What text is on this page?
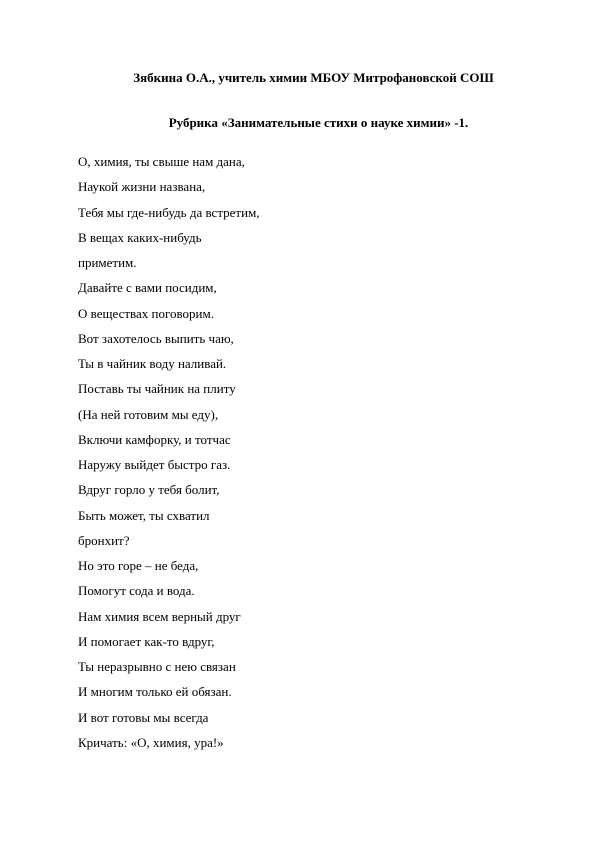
Зябкина О.А., учитель химии МБОУ Митрофановской СОШ
Рубрика «Занимательные стихи о науке химии» -1.
О, химия, ты свыше нам дана,
Наукой жизни названа,
Тебя мы где-нибудь да встретим,
В вещах каких-нибудь
приметим.
Давайте с вами посидим,
О веществах поговорим.
Вот захотелось выпить чаю,
Ты в чайник воду наливай.
Поставь ты чайник на плиту
(На ней готовим мы еду),
Включи камфорку, и тотчас
Наружу выйдет быстро газ.
Вдруг горло у тебя болит,
Быть может, ты схватил
бронхит?
Но это горе – не беда,
Помогут сода и вода.
Нам химия всем верный друг
И помогает как-то вдруг,
Ты неразрывно с нею связан
И многим только ей обязан.
И вот готовы мы всегда
Кричать: «О, химия, ура!»
